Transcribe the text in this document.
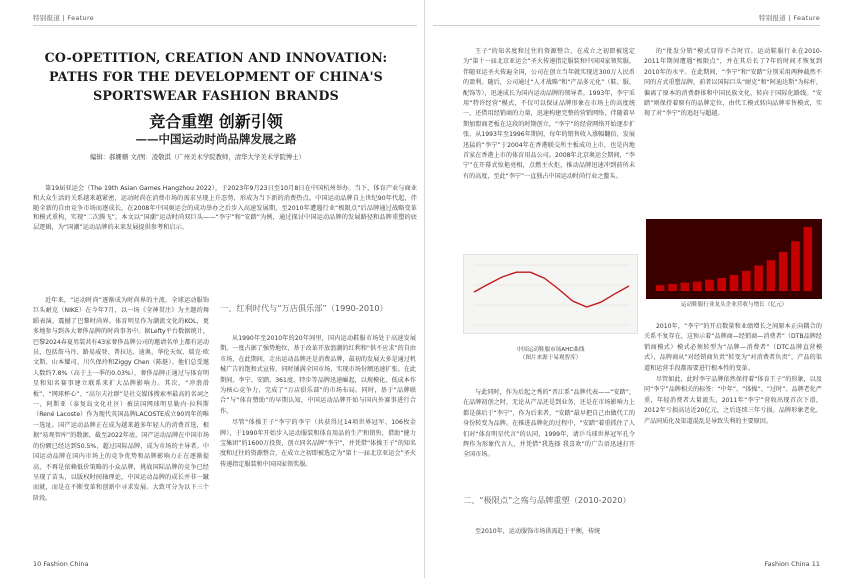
特别报道 | Feature
CO-OPETITION, CREATION AND INNOVATION: PATHS FOR THE DEVELOPMENT OF CHINA'S SPORTSWEAR FASHION BRANDS
竞合重塑 创新引领
——中国运动时尚品牌发展之路
编辑：郝姗姗 文/图：凌敬淇（广州美术学院教师，清华大学美术学院博士）

第19届亚运会（The 19th Asian Games Hangzhou 2022），于2023年9月23日至10月8日在中国杭州举办。当下，体育产业与商业和大众生活的关系越来越紧密，运动时尚在消费市场的需求呈现上升态势，形成为当下新的消费热点。中国运动品牌自上世纪90年代起，伴随全新的自由竞争市场而逐成长，在2008年中国奥运会的成功举办之后步入高速发展期，至2010年遭遇行业“极限点”后品牌通过战略变革和模式重构，实现“二次腾飞”。本文以“国潮”运动时尚双巨头——“李宁”和“安踏”为例，通过探讨中国运动品牌的发展路径和品牌重塑的底层逻辑，为“国潮”运动品牌的未来发展提供参考和启示。

近年来，“运动时尚”逐渐成为时尚界的主流，全球运动服饰巨头耐克（NIKE）在今年7月，以一场《全神贯注》为主题的舞蹈表演，震撼了巴黎时尚界。体育明星作为潮流文化的KOL，更多地参与到各大奢侈品牌的时尚事务中。据Lefty平台数据统计，巴黎2024春夏男装共有43家奢侈品牌公司的邀请名单上都有运动员，包括詹马丹、路易威登、普拉达、迪奥、华伦天奴、瑞克·欧文斯、山本耀司、川久保玲和Ziggy Chen（陈挺）。他们总受邀人数约7.8%（高于上一季的0.03%），奢侈品牌正通过与体育明星和知名赛事建立联系来扩大品牌影响力。其次，“冲浪滑板”、“网球杯心”、“高尔夫社群”是社交媒体搜索率最高的名词之一，阿斯亚（泰复岛文化社区）被法国网球明星勒内·拉科斯（René Lacoste）作为现代英国品牌LACOSTE成立90周年的唯一选址。国产运动品牌正在成为越来越多年轻人的消费首选，根据“易观智库”的数据，截至2022年底，国产运动品牌在中国市场的份额已经达到50.5%，超过国际品牌，成为市场的主导者。中国运动品牌在国内市场上的竞争优势和品牌影响力正在逐渐提高，不再是依赖低价策略的小众品牌，挑战国际品牌的竞争已经呈现了苗头，以版权时间轴理论，中国运动品牌的成长并非一蹴而就，而是在不断变革和创新中寻求发展。大致可分为以下三个阶段。

一、红利时代与“万店俱乐部”（1990-2010）

从1990年至2010年的20年间里，国内运动鞋服市场处于高速发展期。一度占据了强势地位，基于改革开放浪潮的红利和“供不应求”的自由市场，在此期间，走出运动品牌还是消费品牌，最初的发展大多是通过机械广告的饱和式宣传、同时铺满全国市场，实现市场份额迅速扩张。在此期间，李宁、安踏、361度、特步等品牌迅速崛起，以规模化、低成本作为核心竞争力，完成了“万店俱乐部”的市场布局。同时，基于“品牌联合”与“体育赞助”的早期认知，中国运动品牌开始与国内外赛事进行合作。

尽管“体操王子”李宁的李宁（共获得过14项世界冠军、106枚金牌），于1990年开始步入运动服装和体育用品的生产和销售，借助“健力宝集团”的1600万投资，创立同名品牌“李宁”，并凭借“体操王子”的知名度和过往的资源整合，在成立之初即被选定为“第十一届北京亚运会”圣火传递指定服装和中国国家领奖服。

10 Fashion China
特别报道 | Feature

王子”的知名度和过往的资源整合，在成立之初即被选定为“第十一届北京亚运会”圣火传递指定服装和中国国家领奖服。伴随亚运圣火传遍全国，公司在创立当年就实现近300万人民币的盈利。随后，公司通过“人才战略”和“产品多元化”（鞋、服、配饰等），迅速成长为国内运动品牌的领导者。1993年，李宁采用“特许经营”模式，不仅可以保证品牌形象在市场上的高度统一，还借用经销商的力量，迅速构建完整的营销网络，伴随着早期加盟商老板在这段的时期创立，“李宁”的经营网络开始逐步扩张，从1993年至1996年期间，每年的销售收入涨幅翻倍，发展迅猛的“李宁”于2004年在香港联交所主板成功上市，也是内地首家在香港上市的体育用品公司。2008年北京奥运会期间，“李宁”在开幕式惊艳亮相，点燃主火炬，推动品牌迅速冲到前所未有的高度，至此“李宁”一直独占中国运动时尚行业之鳌头。

中国运动鞋服市场AHC曲线
（图片来源于易观智库）

与此同时，作为后起之秀的“晋江系”品牌代表——“安踏”，在品牌初创之时，无论从产品还是到业务，还是在市场影响力上都是落后于“李宁”，作为后来者，“安踏”最早把自己由做代工的身份转变为品牌。在推进品牌化的过程中，“安踏”着重抓住了人们对“体育明星代言”的认同，1999年，请乒乓球世界冠军孔令辉作为形象代言人，并凭借“我选择 我喜欢”的广告语迅速打开全国市场。

二、“极限点”之殇与品牌重塑（2010-2020）

至2010年，运动服饰市场供需趋于平衡，传统

的“批发分销”模式显得不合时宜。运动鞋服行业在2010-2011年期间遭遇“极限点”，并在其后长了7年的时间才恢复到2010年的水平。在此期间，“李宁”和“安踏”分别采用两种截然不同的方式重塑品牌，前者以国际巨头“耐克”和“阿迪达斯”为标杆，偏离了原本的消费群体和中国民族文化，转向于国际化路线。“安踏”则保持着原有的品牌定位，由代工模式转向品牌零售模式，实现了对“李宁”的追赶与超越。

运动鞋服行业龙头企业营收与增长（亿元）

2010年，“李宁”的开启数量和业绩增长之间原本正向耦合的关系不复存在，这预示着“品牌商—经销商—消费者”（DTB品牌经销商模式）模式必须转型为“品牌—消费者”（DTC品牌直营模式），品牌商从“对经销商负责”转变为“对消费者负责”，产品的渠道和运营手段都需要进行根本性的变革。

尽管如此，此时李宁品牌依然保持着“体育王子”的形象，以及同“李宁”品牌相关的标签：“中年”、“体操”、“过时”。品牌老化严重，年轻消费者大量流失，2011年“李宁”营收出现首次下滑，2012年亏损高达近20亿元，之后连续三年亏损。品牌形象老化、产品同质化及渠道混乱是导致失利的主要原因。

Fashion China 11
